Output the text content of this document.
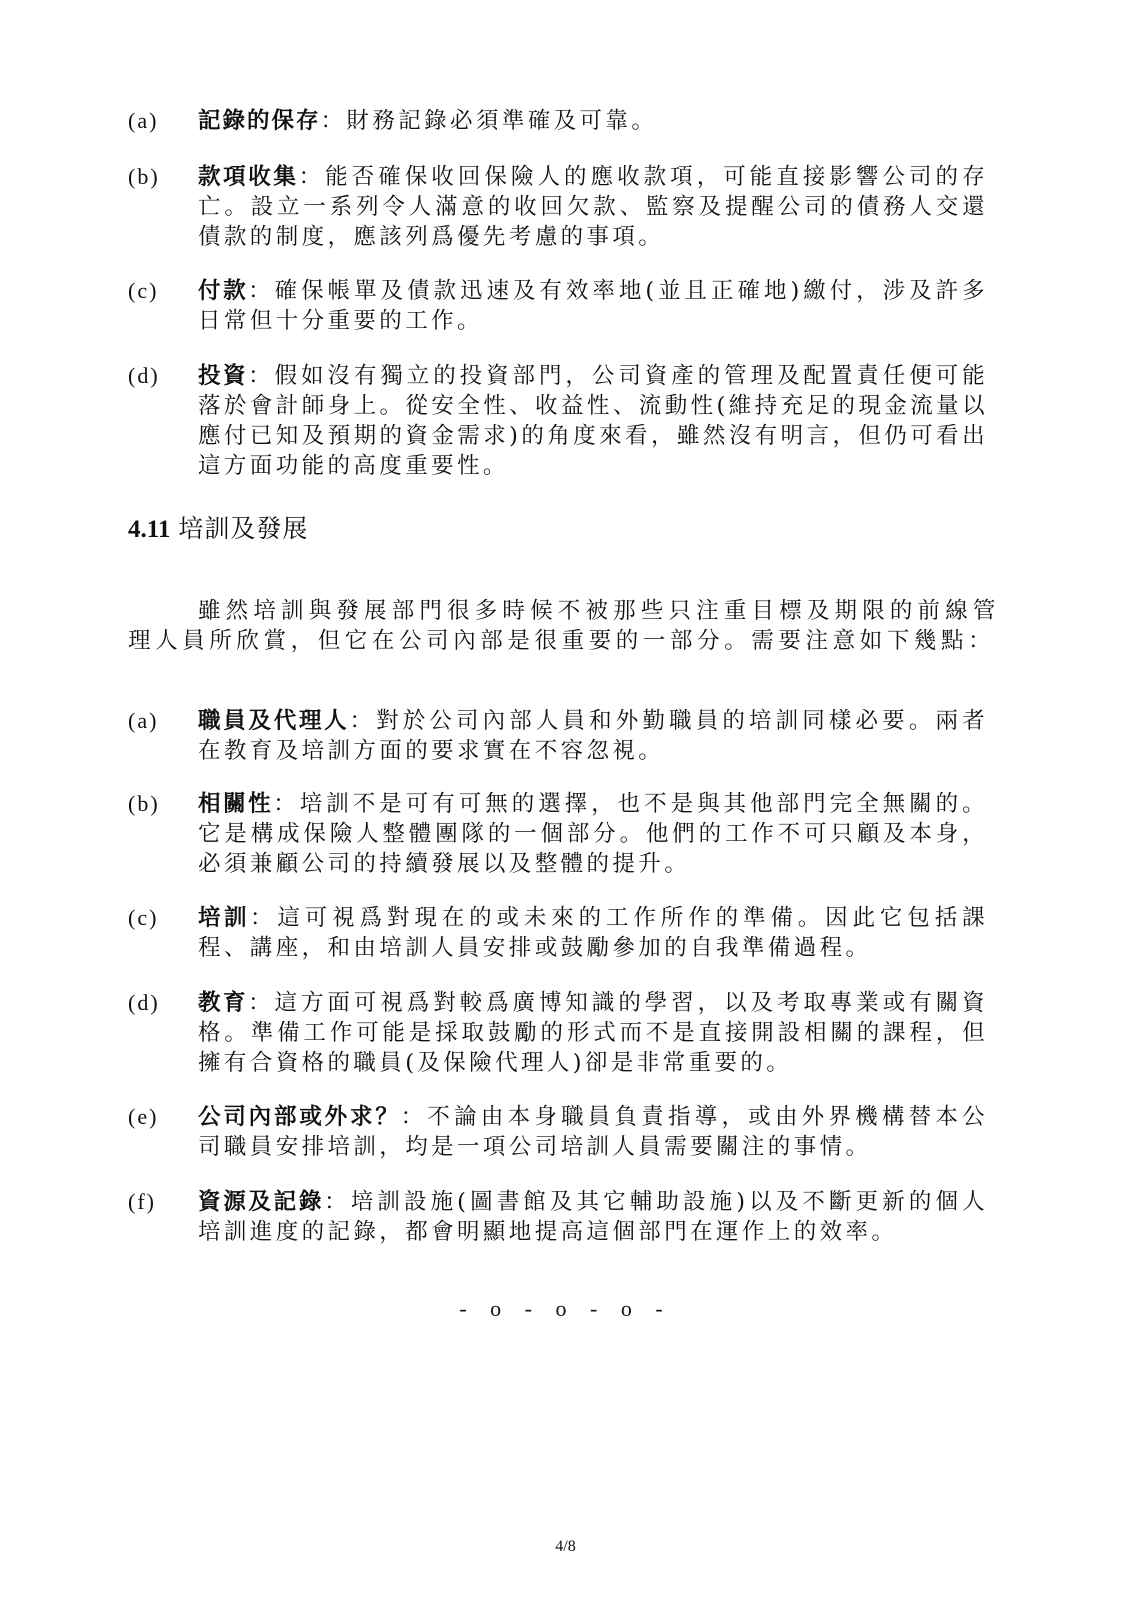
(a)	記錄的保存：財務記錄必須準確及可靠。
(b)	款項收集：能否確保收回保險人的應收款項，可能直接影響公司的存亡。設立一系列令人滿意的收回欠款、監察及提醒公司的債務人交還債款的制度，應該列爲優先考慮的事項。
(c)	付款：確保帳單及債款迅速及有效率地(並且正確地)繳付，涉及許多日常但十分重要的工作。
(d)	投資：假如沒有獨立的投資部門，公司資產的管理及配置責任便可能落於會計師身上。從安全性、收益性、流動性(維持充足的現金流量以應付已知及預期的資金需求)的角度來看，雖然沒有明言，但仍可看出這方面功能的高度重要性。
4.11 培訓及發展
雖然培訓與發展部門很多時候不被那些只注重目標及期限的前線管理人員所欣賞，但它在公司內部是很重要的一部分。需要注意如下幾點：
(a)	職員及代理人：對於公司內部人員和外勤職員的培訓同樣必要。兩者在教育及培訓方面的要求實在不容忽視。
(b)	相關性：培訓不是可有可無的選擇，也不是與其他部門完全無關的。它是構成保險人整體團隊的一個部分。他們的工作不可只顧及本身，必須兼顧公司的持續發展以及整體的提升。
(c)	培訓：這可視爲對現在的或未來的工作所作的準備。因此它包括課程、講座，和由培訓人員安排或鼓勵參加的自我準備過程。
(d)	教育：這方面可視爲對較爲廣博知識的學習，以及考取專業或有關資格。準備工作可能是採取鼓勵的形式而不是直接開設相關的課程，但擁有合資格的職員(及保險代理人)卻是非常重要的。
(e)	公司內部或外求？：不論由本身職員負責指導，或由外界機構替本公司職員安排培訓，均是一項公司培訓人員需要關注的事情。
(f)	資源及記錄：培訓設施(圖書館及其它輔助設施)以及不斷更新的個人培訓進度的記錄，都會明顯地提高這個部門在運作上的效率。
- o - o - o -
4/8
